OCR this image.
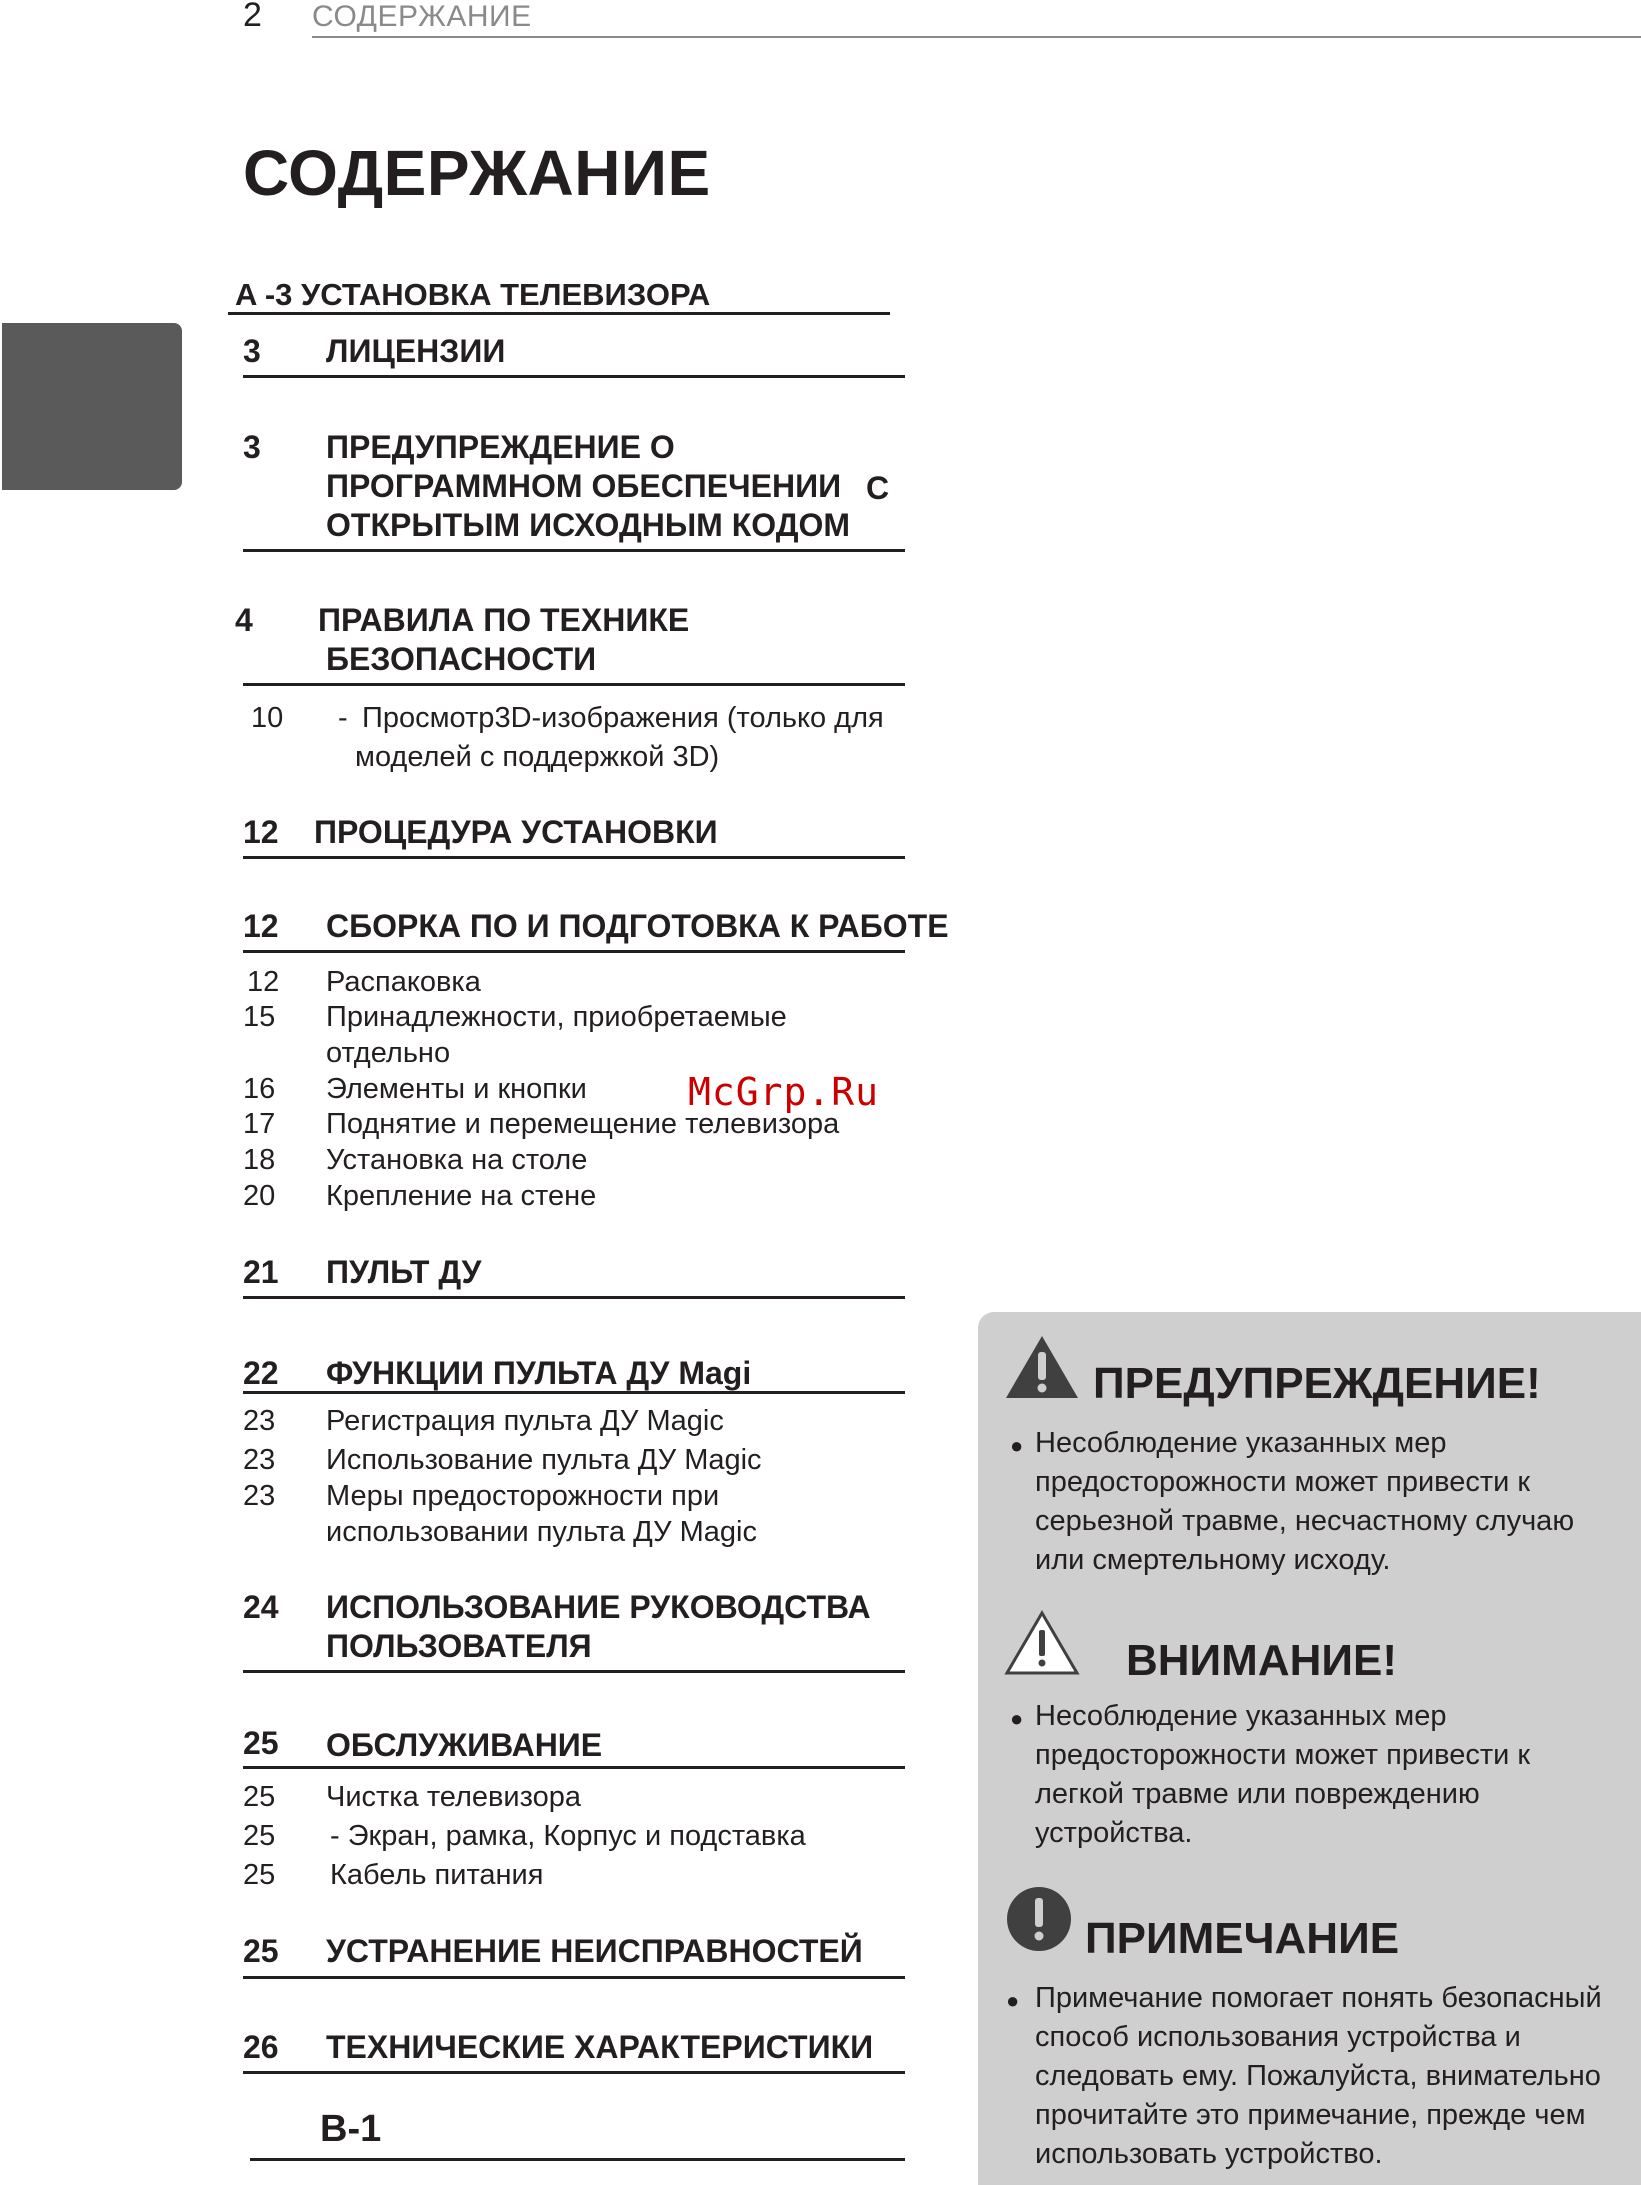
2 СОДЕРЖАНИЕ
СОДЕРЖАНИЕ
A -3 УСТАНОВКА ТЕЛЕВИЗОРА
3 ЛИЦЕНЗИИ
3 ПРЕДУПРЕЖДЕНИЕ О
ПРОГРАММНОМ ОБЕСПЕЧЕНИИ С
ОТКРЫТЫМ ИСХОДНЫМ КОДОМ
4 ПРАВИЛА ПО ТЕХНИКЕ
БЕЗОПАСНОСТИ
10 - Просмотр3D-изображения (только для
моделей с поддержкой 3D)
12 ПРОЦЕДУРА УСТАНОВКИ
12 СБОРКА ПО И ПОДГОТОВКА К РАБОТЕ
12 Распаковка
15 Принадлежности, приобретаемые
отдельно
16 Элементы и кнопки
17 Поднятие и перемещение телевизора
18 Установка на столе
20 Крепление на стене
21 ПУЛЬТ ДУ
22 ФУНКЦИИ ПУЛЬТА ДУ Magi
23 Регистрация пульта ДУ Magic
23 Использование пульта ДУ Magic
23 Меры предосторожности при
использовании пульта ДУ Magic
24 ИСПОЛЬЗОВАНИЕ РУКОВОДСТВА
ПОЛЬЗОВАТЕЛЯ
25 ОБСЛУЖИВАНИЕ
25 Чистка телевизора
25 - Экран, рамка, Корпус и подставка
25 Кабель питания
25 УСТРАНЕНИЕ НЕИСПРАВНОСТЕЙ
26 ТЕХНИЧЕСКИЕ ХАРАКТЕРИСТИКИ
B-1
McGrp.Ru
ПРЕДУПРЕЖДЕНИЕ!
● Несоблюдение указанных мер предосторожности может привести к серьезной травме, несчастному случаю или смертельному исходу.
ВНИМАНИЕ!
● Несоблюдение указанных мер предосторожности может привести к легкой травме или повреждению устройства.
ПРИМЕЧАНИЕ
● Примечание помогает понять безопасный способ использования устройства и следовать ему. Пожалуйста, внимательно прочитайте это примечание, прежде чем использовать устройство.
